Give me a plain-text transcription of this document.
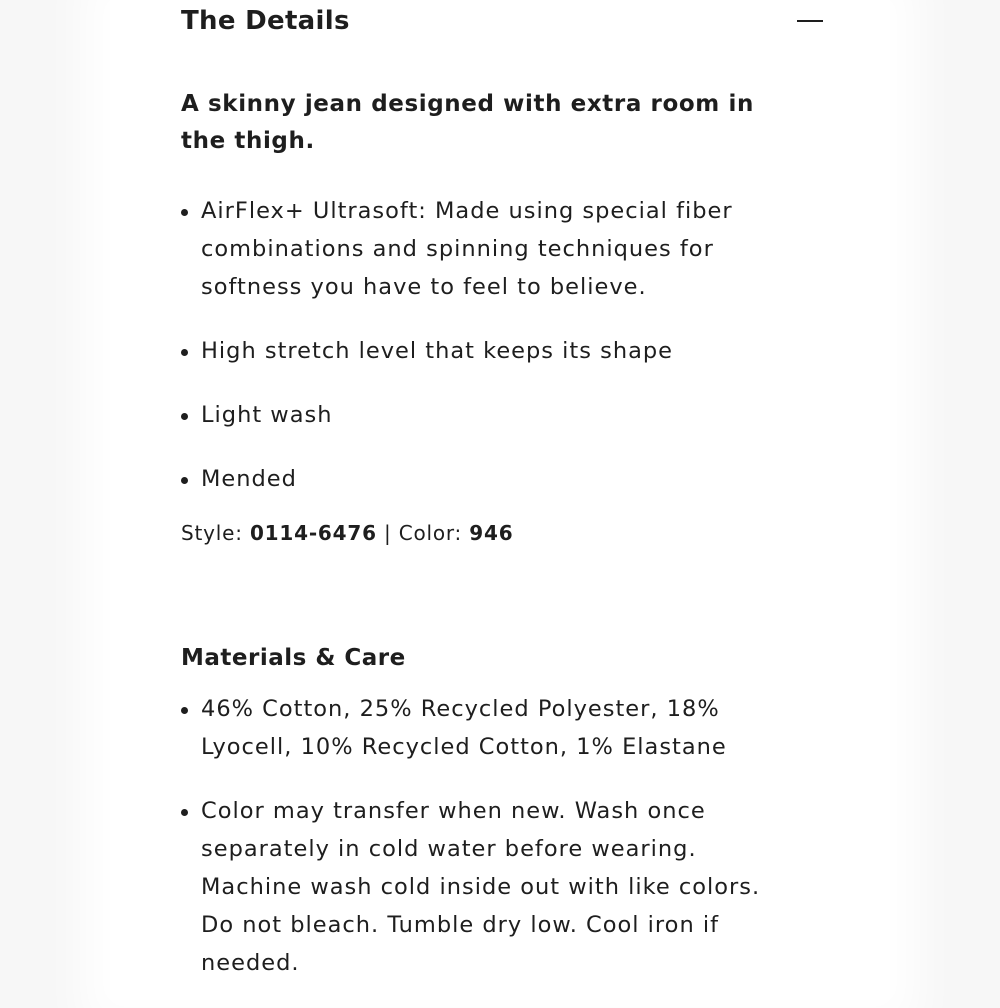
The Details

A skinny jean designed with extra room in the thigh.

AirFlex+ Ultrasoft: Made using special fiber combinations and spinning techniques for softness you have to feel to believe.
High stretch level that keeps its shape
Light wash
Mended

Style: 0114-6476 | Color: 946

Materials & Care
46% Cotton, 25% Recycled Polyester, 18% Lyocell, 10% Recycled Cotton, 1% Elastane
Color may transfer when new. Wash once separately in cold water before wearing. Machine wash cold inside out with like colors. Do not bleach. Tumble dry low. Cool iron if needed.
